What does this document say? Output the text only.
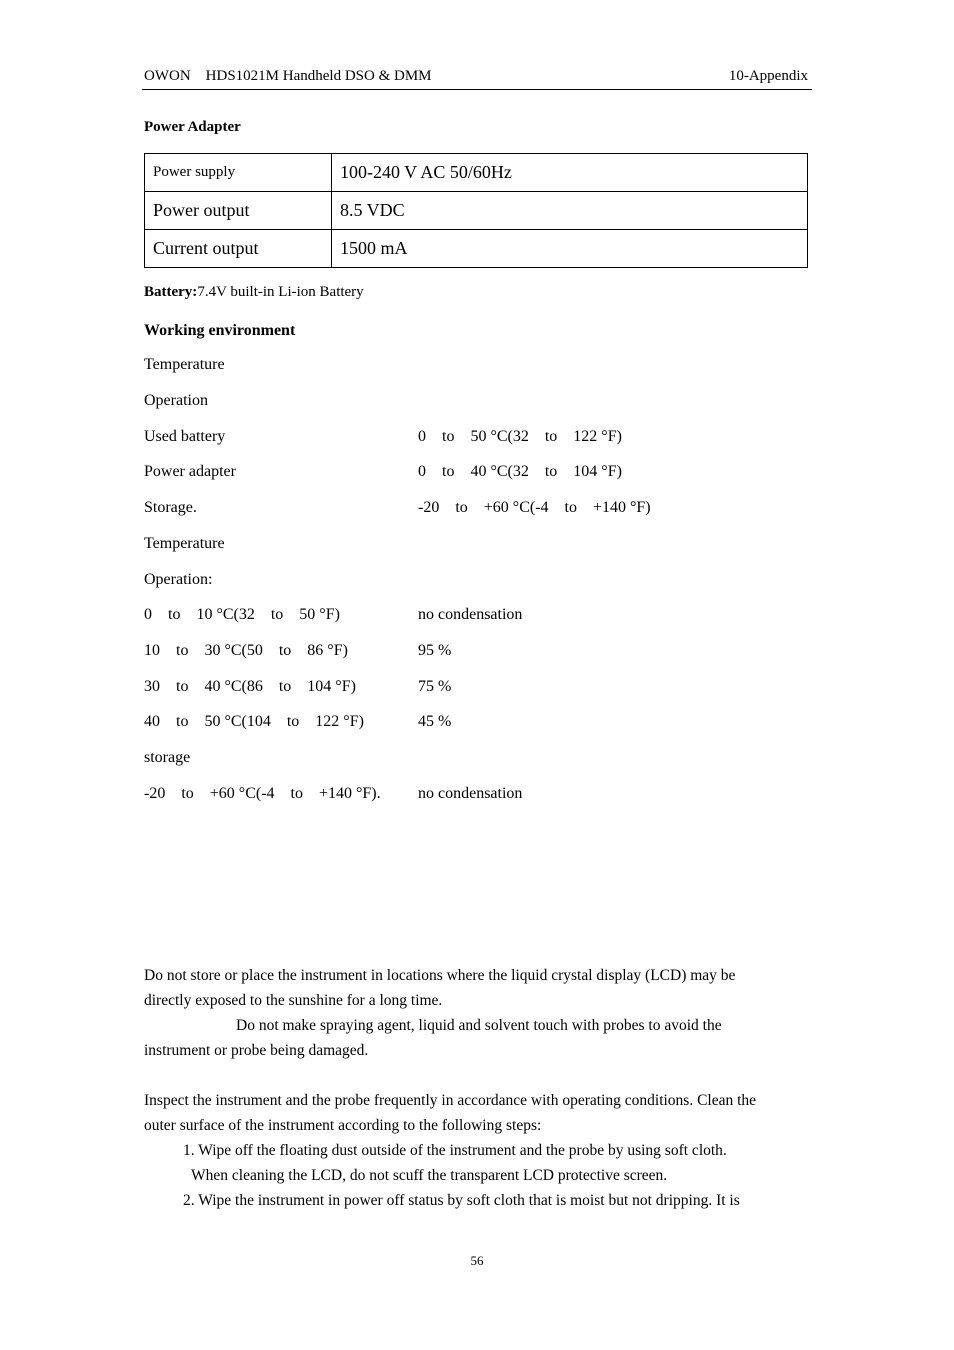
OWON    HDS1021M Handheld DSO & DMM	10-Appendix
Power Adapter
Power supply	100-240 V AC 50/60Hz
Power output	8.5 VDC
Current output	1500 mA
Battery:7.4V built-in Li-ion Battery
Working environment
Temperature
Operation
Used battery	0    to    50 °C(32    to    122 °F)
Power adapter	0    to    40 °C(32    to    104 °F)
Storage.	-20    to    +60 °C(-4    to    +140 °F)
Temperature
Operation:
0    to    10 °C(32    to    50 °F)	no condensation
10    to    30 °C(50    to    86 °F)	95 %
30    to    40 °C(86    to    104 °F)	75 %
40    to    50 °C(104    to    122 °F)	45 %
storage
-20    to    +60 °C(-4    to    +140 °F). no condensation
Do not store or place the instrument in locations where the liquid crystal display (LCD) may be
directly exposed to the sunshine for a long time.
Do not make spraying agent, liquid and solvent touch with probes to avoid the
instrument or probe being damaged.
Inspect the instrument and the probe frequently in accordance with operating conditions. Clean the
outer surface of the instrument according to the following steps:
1. Wipe off the floating dust outside of the instrument and the probe by using soft cloth.
When cleaning the LCD, do not scuff the transparent LCD protective screen.
2. Wipe the instrument in power off status by soft cloth that is moist but not dripping. It is
56
